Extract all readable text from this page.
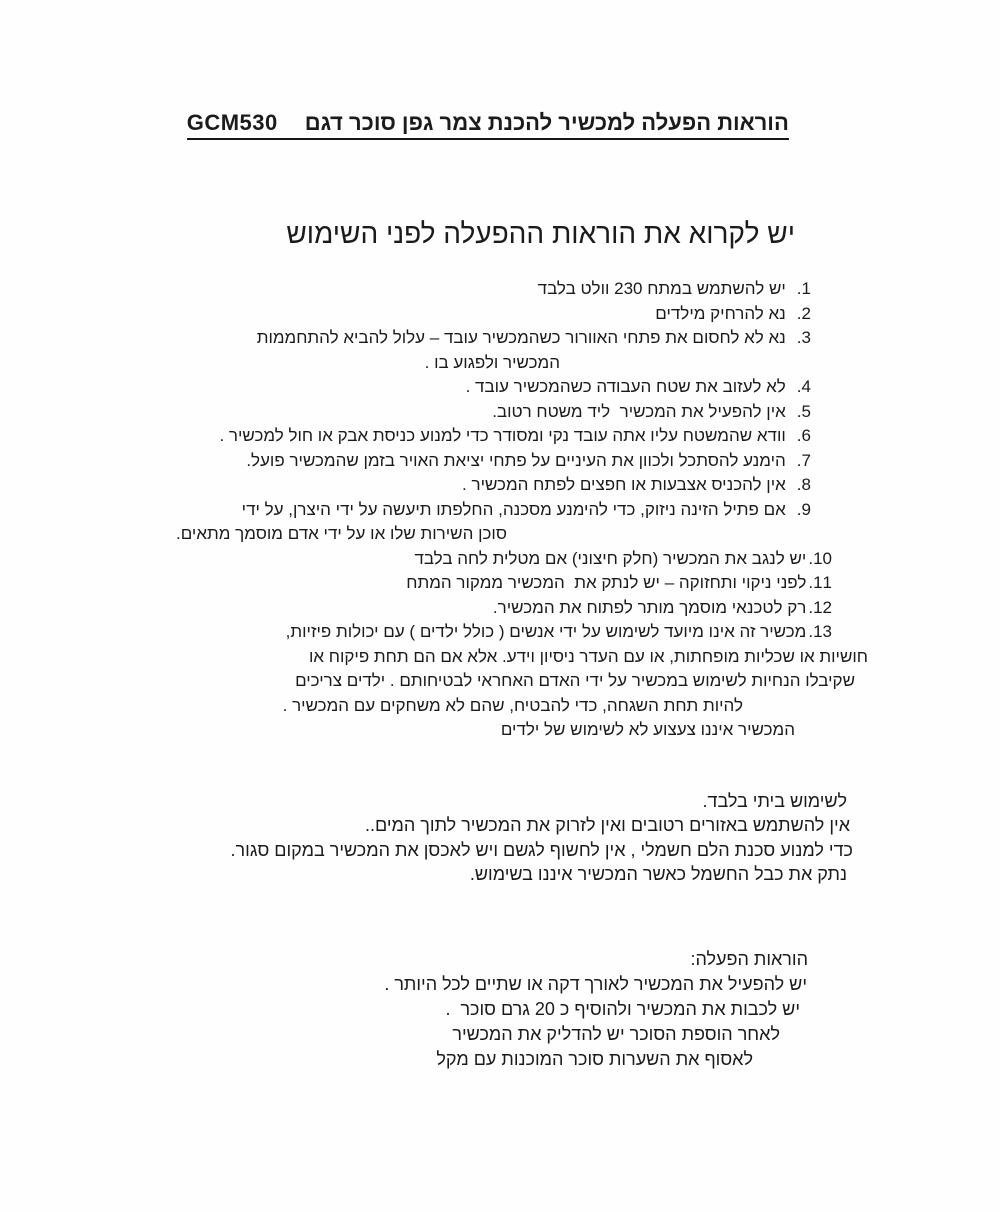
הוראות הפעלה למכשיר להכנת צמר גפן סוכר דגםGCM530

יש לקרוא את הוראות ההפעלה לפני השימוש
1.יש להשתמש במתח 230 וולט בלבד
2.נא להרחיק מילדים
3.נא לא לחסום את פתחי האוורור כשהמכשיר עובד – עלול להביא להתחממות
המכשיר ולפגוע בו .
4.לא לעזוב את שטח העבודה כשהמכשיר עובד .
5.אין להפעיל את המכשיר  ליד משטח רטוב.
6.וודא שהמשטח עליו אתה עובד נקי ומסודר כדי למנוע כניסת אבק או חול למכשיר .
7.הימנע להסתכל ולכוון את העיניים על פתחי יציאת האויר בזמן שהמכשיר פועל.
8.אין להכניס אצבעות או חפצים לפתח המכשיר .
9.אם פתיל הזינה ניזוק, כדי להימנע מסכנה, החלפתו תיעשה על ידי היצרן, על ידי
סוכן השירות שלו או על ידי אדם מוסמך מתאים.
10.יש לנגב את המכשיר (חלק חיצוני) אם מטלית לחה בלבד
11.לפני ניקוי ותחזוקה – יש לנתק את  המכשיר ממקור המתח
12.רק לטכנאי מוסמך מותר לפתוח את המכשיר.
13.מכשיר זה אינו מיועד לשימוש על ידי אנשים ( כולל ילדים ) עם יכולות פיזיות,
חושיות או שכליות מופחתות, או עם העדר ניסיון וידע. אלא אם הם תחת פיקוח או
שקיבלו הנחיות לשימוש במכשיר על ידי האדם האחראי לבטיחותם . ילדים צריכים
להיות תחת השגחה, כדי להבטיח, שהם לא משחקים עם המכשיר .
המכשיר איננו צעצוע לא לשימוש של ילדים
לשימוש ביתי בלבד.
אין להשתמש באזורים רטובים ואין לזרוק את המכשיר לתוך המים..
כדי למנוע סכנת הלם חשמלי , אין לחשוף לגשם ויש לאכסן את המכשיר במקום סגור.
נתק את כבל החשמל כאשר המכשיר איננו בשימוש.
הוראות הפעלה:
יש להפעיל את המכשיר לאורך דקה או שתיים לכל היותר .
יש לכבות את המכשיר ולהוסיף כ 20 גרם סוכר  .
לאחר הוספת הסוכר יש להדליק את המכשיר
לאסוף את השערות סוכר המוכנות עם מקל
